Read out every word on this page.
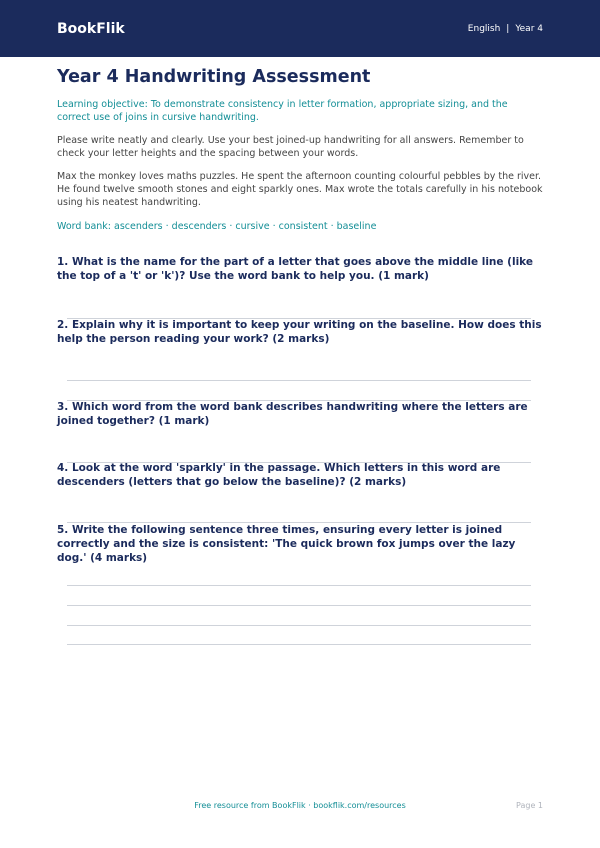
BookFlik	English | Year 4
Year 4 Handwriting Assessment
Learning objective: To demonstrate consistency in letter formation, appropriate sizing, and the correct use of joins in cursive handwriting.
Please write neatly and clearly. Use your best joined-up handwriting for all answers. Remember to check your letter heights and the spacing between your words.
Max the monkey loves maths puzzles. He spent the afternoon counting colourful pebbles by the river. He found twelve smooth stones and eight sparkly ones. Max wrote the totals carefully in his notebook using his neatest handwriting.
Word bank: ascenders · descenders · cursive · consistent · baseline
1. What is the name for the part of a letter that goes above the middle line (like the top of a 't' or 'k')? Use the word bank to help you. (1 mark)
2. Explain why it is important to keep your writing on the baseline. How does this help the person reading your work? (2 marks)
3. Which word from the word bank describes handwriting where the letters are joined together? (1 mark)
4. Look at the word 'sparkly' in the passage. Which letters in this word are descenders (letters that go below the baseline)? (2 marks)
5. Write the following sentence three times, ensuring every letter is joined correctly and the size is consistent: 'The quick brown fox jumps over the lazy dog.' (4 marks)
Free resource from BookFlik · bookflik.com/resources	Page 1
